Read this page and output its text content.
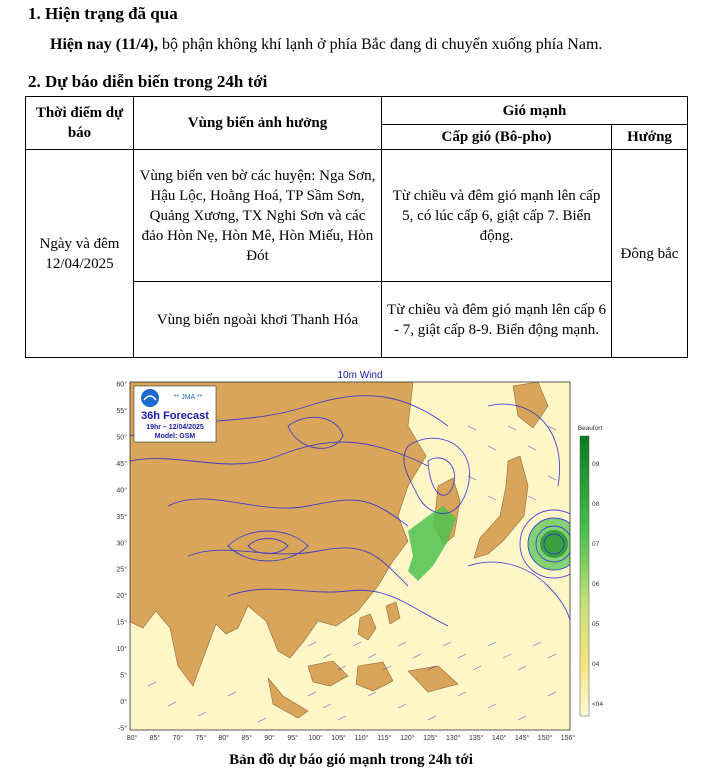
1. Hiện trạng đã qua
Hiện nay (11/4), bộ phận không khí lạnh ở phía Bắc đang di chuyển xuống phía Nam.
2. Dự báo diễn biến trong 24h tới
Thời điểm dự báo	Vùng biển ảnh hưởng	Gió mạnh	
		Cấp gió (Bô-pho)	Hướng
Ngày và đêm 12/04/2025	Vùng biển ven bờ các huyện: Nga Sơn, Hậu Lộc, Hoằng Hoá, TP Sầm Sơn, Quảng Xương, TX Nghi Sơn và các đảo Hòn Nẹ, Hòn Mê, Hòn Miếu, Hòn Đót	Từ chiều và đêm gió mạnh lên cấp 5, có lúc cấp 6, giật cấp 7. Biển động.	Đông bắc
	Vùng biển ngoài khơi Thanh Hóa	Từ chiều và đêm gió mạnh lên cấp 6 - 7, giật cấp 8-9. Biển động mạnh.	
10m Wind
** JMA **
36h Forecast
19hr – 12/04/2025
Model: GSM
60°
55°
50°
45°
40°
35°
30°
25°
20°
15°
10°
5°
0°
-5°
80° 85° 70° 75° 80° 85° 90° 95° 100° 105° 110° 115° 120° 125° 130° 135° 140° 145° 150° 156°
Beaufort
09
08
07
06
05
04
<04
Bản đồ dự báo gió mạnh trong 24h tới
